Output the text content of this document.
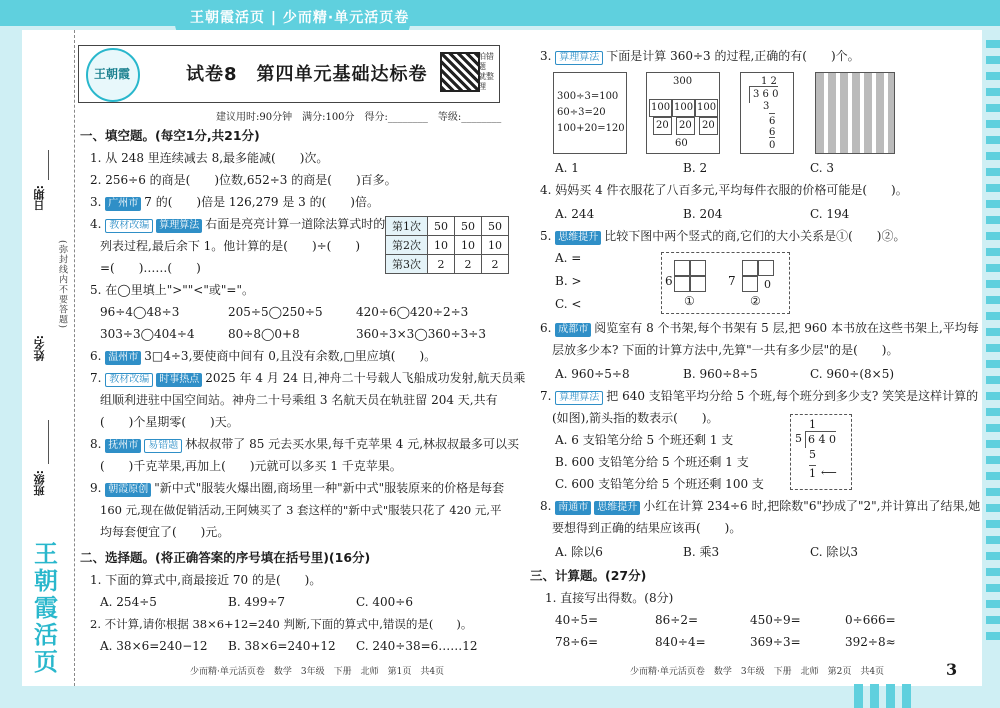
王朝霞活页 | 少而精·单元活页卷
日期:
姓名:
(弥封线内不要答题)
班级:
王
朝
霞
活
页
王朝霞	试卷8　第四单元基础达标卷
拍错题 就整理
建议用时:90分钟　满分:100分　得分:________　等级:________
一、填空题。(每空1分,共21分)
1. 从 248 里连续减去 8,最多能减(　　)次。
2. 256÷6 的商是(　　)位数,652÷3 的商是(　　)百多。
3. 广州市 7 的(　　)倍是 126,279 是 3 的(　　)倍。
4. 教材改编 算理算法 右面是亮亮计算一道除法算式时的
列表过程,最后余下 1。他计算的是(　　)÷(　　)
=(　　)……(　　)
第1次	50	50	50
第2次	10	10	10
第3次	2	2	2
5. 在◯里填上">""<"或"="。
96÷4◯48÷3	205÷5◯250÷5	420÷6◯420÷2÷3
303÷3◯404÷4	80÷8◯0+8	360÷3×3◯360÷3÷3
6. 温州市 3□4÷3,要使商中间有 0,且没有余数,□里应填(　　)。
7. 教材改编 时事热点 2025 年 4 月 24 日,神舟二十号载人飞船成功发射,航天员乘
组顺利进驻中国空间站。神舟二十号乘组 3 名航天员在轨驻留 204 天,共有
(　　)个星期零(　　)天。
8. 抚州市 易错题 林叔叔带了 85 元去买水果,每千克苹果 4 元,林叔叔最多可以买
(　　)千克苹果,再加上(　　)元就可以多买 1 千克苹果。
9. 朝霞原创 "新中式"服装火爆出圈,商场里一种"新中式"服装原来的价格是每套
160 元,现在做促销活动,王阿姨买了 3 套这样的"新中式"服装只花了 420 元,平
均每套便宜了(　　)元。
二、选择题。(将正确答案的序号填在括号里)(16分)
1. 下面的算式中,商最接近 70 的是(　　)。
A. 254÷5	B. 499÷7	C. 400÷6
2. 不计算,请你根据 38×6+12=240 判断,下面的算式中,错误的是(　　)。
A. 38×6=240−12 B. 38×6=240+12 C. 240÷38=6……12
少而精·单元活页卷　数学　3年级　下册　北师　第1页　共4页
3. 算理算法 下面是计算 360÷3 的过程,正确的有(　　)个。
300÷3=100
60÷3=20
100+20=120
300
100 100 100
20	20	20
60
1 2
3 6 0
3
6
6
0
A. 1	B. 2	C. 3
4. 妈妈买 4 件衣服花了八百多元,平均每件衣服的价格可能是(　　)。
A. 244	B. 204	C. 194
5. 思维提升 比较下图中两个竖式的商,它们的大小关系是①(　　)②。
A. =
B. >
C. <
6
①
7	0
②
6. 成都市 阅览室有 8 个书架,每个书架有 5 层,把 960 本书放在这些书架上,平均每
层放多少本? 下面的计算方法中,先算"一共有多少层"的是(　　)。
A. 960÷5÷8	B. 960÷8÷5	C. 960÷(8×5)
7. 算理算法 把 640 支铅笔平均分给 5 个班,每个班分到多少支? 笑笑是这样计算的
(如图),箭头指的数表示(　　)。
A. 6 支铅笔分给 5 个班还剩 1 支
B. 600 支铅笔分给 5 个班还剩 1 支
C. 600 支铅笔分给 5 个班还剩 100 支
1
5 6 4 0
5
1 ⟵
8. 南通市 思维提升 小红在计算 234÷6 时,把除数"6"抄成了"2",并计算出了结果,她
要想得到正确的结果应该再(　　)。
A. 除以6	B. 乘3	C. 除以3
三、计算题。(27分)
1. 直接写出得数。(8分)
40÷5=	86÷2=	450÷9=	0÷666=
78÷6=	840÷4=	369÷3=	392÷8≈
少而精·单元活页卷　数学　3年级　下册　北师　第2页　共4页	3
